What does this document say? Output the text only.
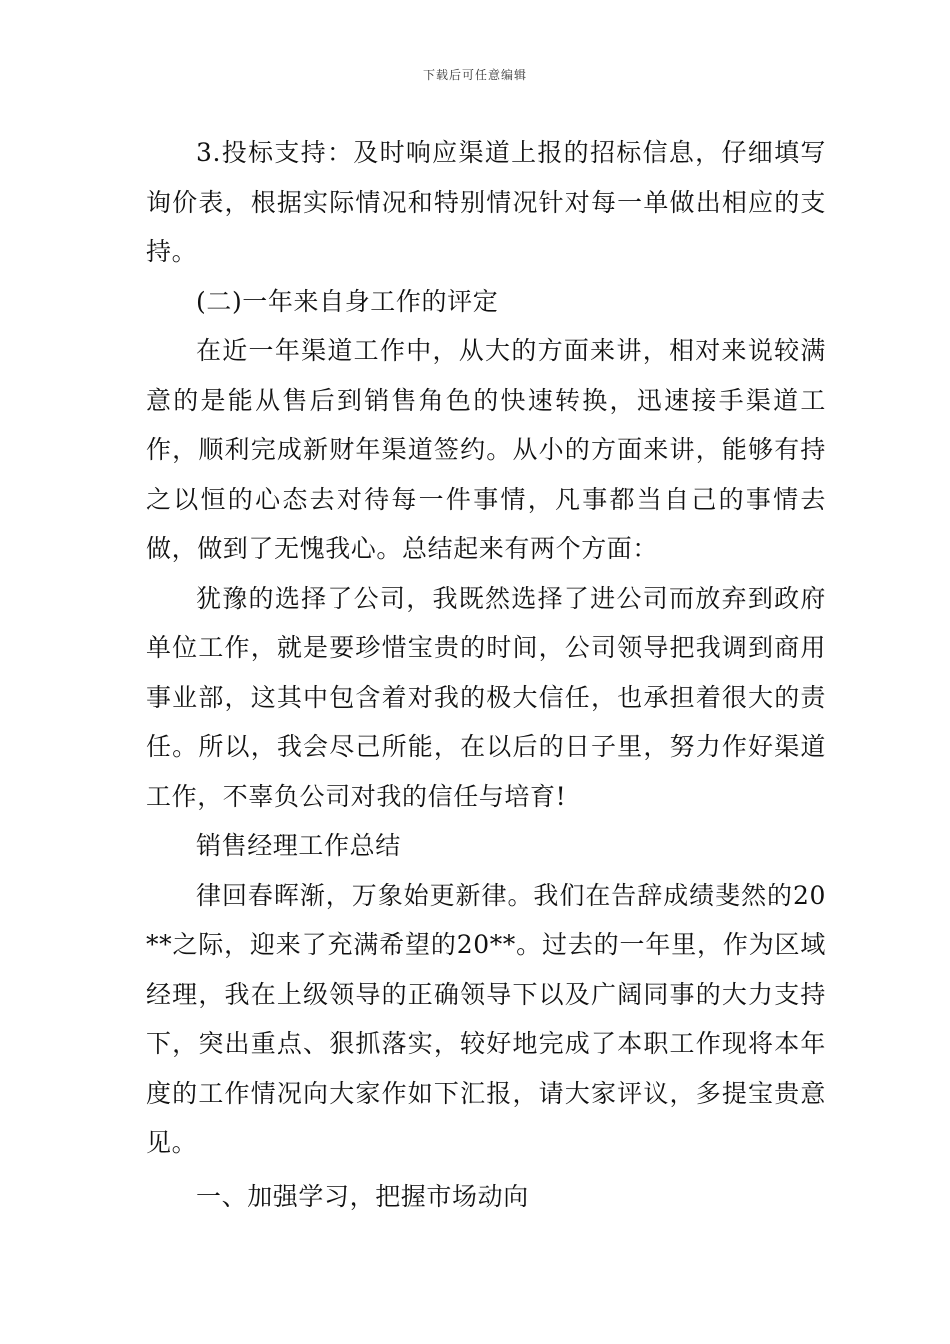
下载后可任意编辑

3.投标支持：及时响应渠道上报的招标信息，仔细填写询价表，根据实际情况和特别情况针对每一单做出相应的支持。

(二)一年来自身工作的评定

在近一年渠道工作中，从大的方面来讲，相对来说较满意的是能从售后到销售角色的快速转换，迅速接手渠道工作，顺利完成新财年渠道签约。从小的方面来讲，能够有持之以恒的心态去对待每一件事情，凡事都当自己的事情去做，做到了无愧我心。总结起来有两个方面：

犹豫的选择了公司，我既然选择了进公司而放弃到政府单位工作，就是要珍惜宝贵的时间，公司领导把我调到商用事业部，这其中包含着对我的极大信任，也承担着很大的责任。所以，我会尽己所能，在以后的日子里，努力作好渠道工作，不辜负公司对我的信任与培育!

销售经理工作总结

律回春晖渐，万象始更新律。我们在告辞成绩斐然的20**之际，迎来了充满希望的20**。过去的一年里，作为区域经理，我在上级领导的正确领导下以及广阔同事的大力支持下，突出重点、狠抓落实，较好地完成了本职工作现将本年度的工作情况向大家作如下汇报，请大家评议，多提宝贵意见。

一、加强学习，把握市场动向
